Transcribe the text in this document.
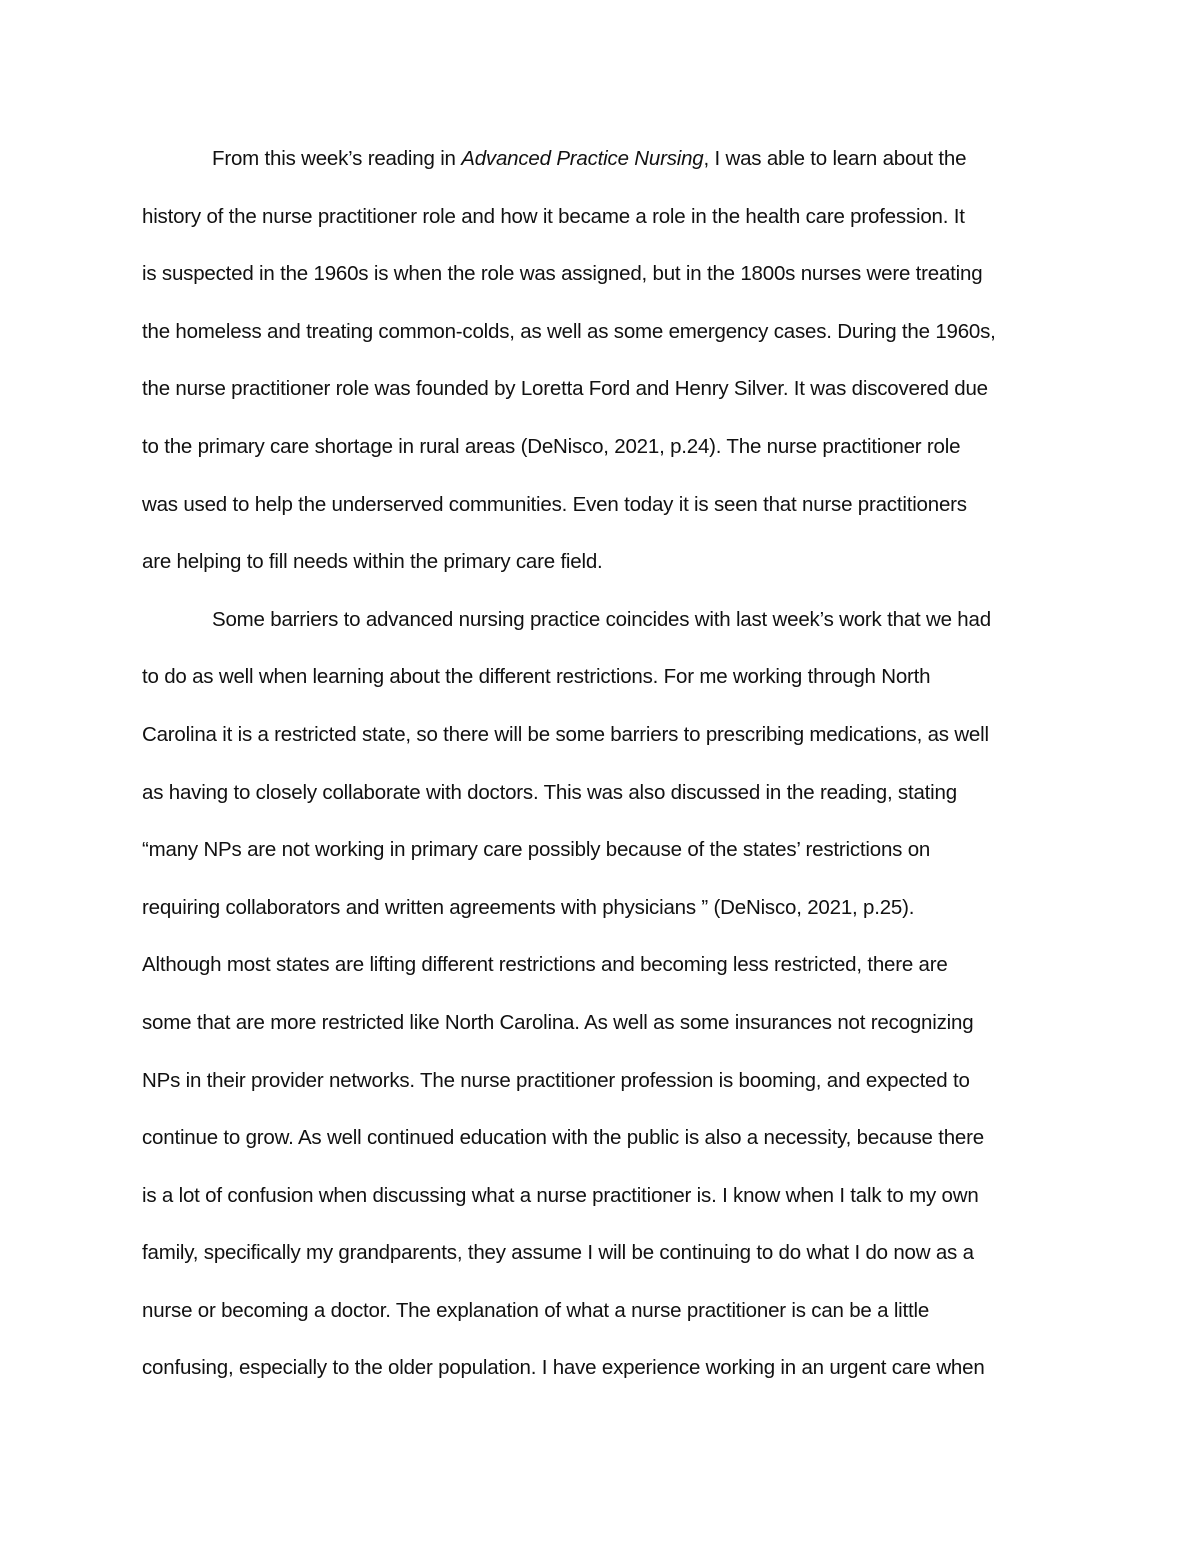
From this week’s reading in Advanced Practice Nursing, I was able to learn about the
history of the nurse practitioner role and how it became a role in the health care profession. It
is suspected in the 1960s is when the role was assigned, but in the 1800s nurses were treating
the homeless and treating common-colds, as well as some emergency cases. During the 1960s,
the nurse practitioner role was founded by Loretta Ford and Henry Silver. It was discovered due
to the primary care shortage in rural areas (DeNisco, 2021, p.24). The nurse practitioner role
was used to help the underserved communities. Even today it is seen that nurse practitioners
are helping to fill needs within the primary care field.
Some barriers to advanced nursing practice coincides with last week’s work that we had
to do as well when learning about the different restrictions. For me working through North
Carolina it is a restricted state, so there will be some barriers to prescribing medications, as well
as having to closely collaborate with doctors. This was also discussed in the reading, stating
“many NPs are not working in primary care possibly because of the states’ restrictions on
requiring collaborators and written agreements with physicians ” (DeNisco, 2021, p.25).
Although most states are lifting different restrictions and becoming less restricted, there are
some that are more restricted like North Carolina. As well as some insurances not recognizing
NPs in their provider networks. The nurse practitioner profession is booming, and expected to
continue to grow. As well continued education with the public is also a necessity, because there
is a lot of confusion when discussing what a nurse practitioner is. I know when I talk to my own
family, specifically my grandparents, they assume I will be continuing to do what I do now as a
nurse or becoming a doctor. The explanation of what a nurse practitioner is can be a little
confusing, especially to the older population. I have experience working in an urgent care when
